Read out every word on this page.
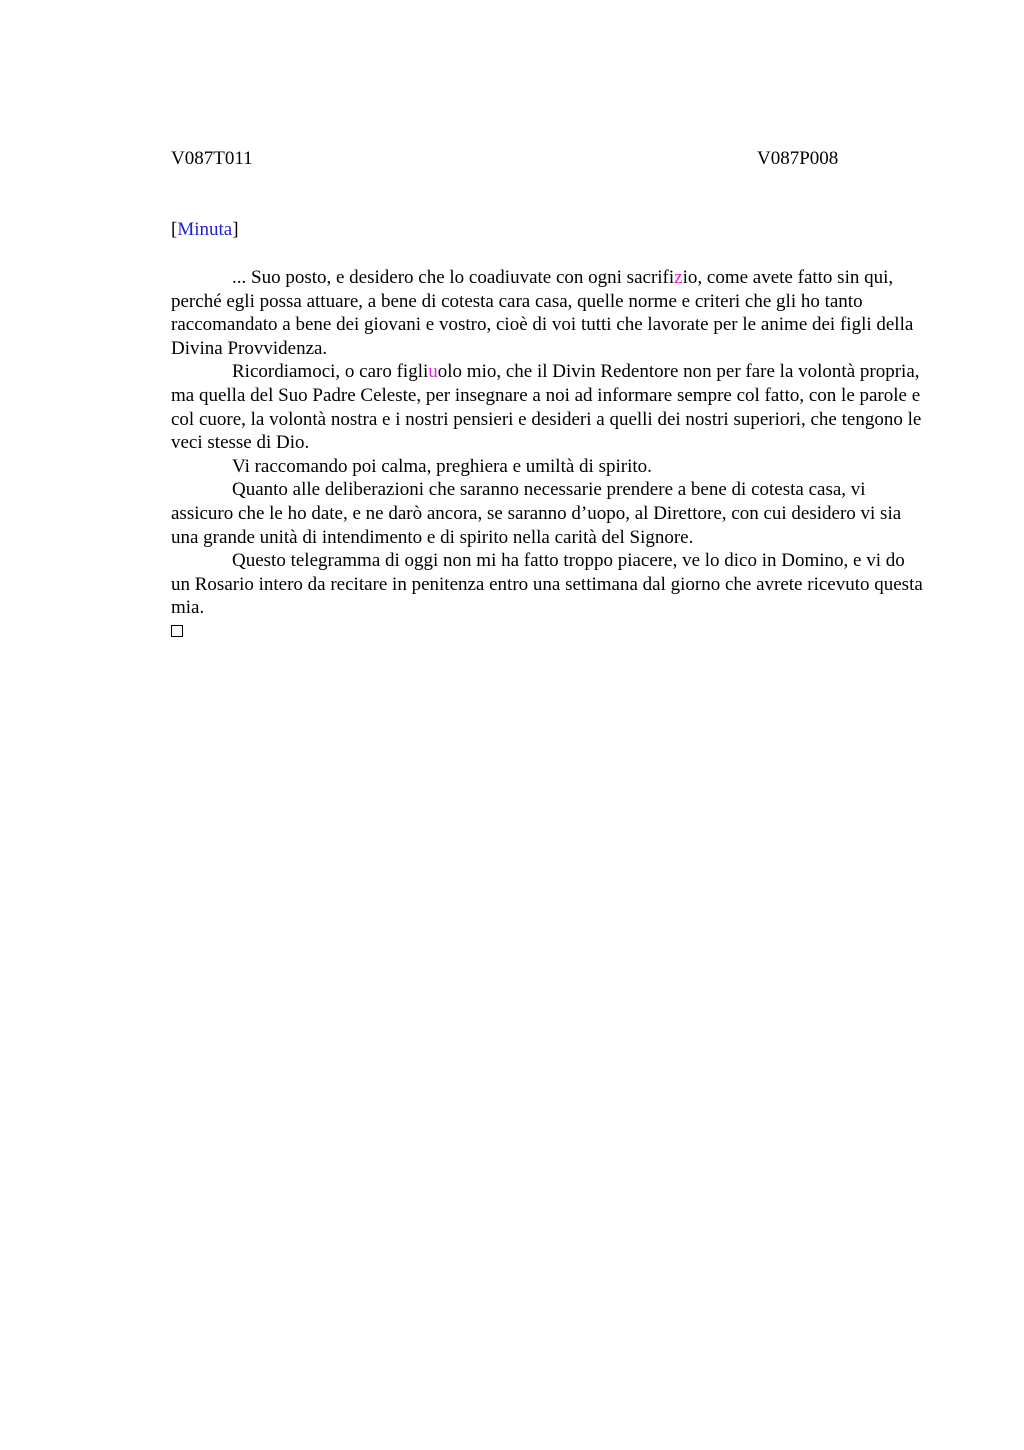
V087T011	V087P008
[Minuta]

... Suo posto, e desidero che lo coadiuvate con ogni sacrifizio, come avete fatto sin qui, perché egli possa attuare, a bene di cotesta cara casa, quelle norme e criteri che gli ho tanto raccomandato a bene dei giovani e vostro, cioè di voi tutti che lavorate per le anime dei figli della Divina Provvidenza.

Ricordiamoci, o caro figliuolo mio, che il Divin Redentore non per fare la volontà propria, ma quella del Suo Padre Celeste, per insegnare a noi ad informare sempre col fatto, con le parole e col cuore, la volontà nostra e i nostri pensieri e desideri a quelli dei nostri superiori, che tengono le veci stesse di Dio.

Vi raccomando poi calma, preghiera e umiltà di spirito.

Quanto alle deliberazioni che saranno necessarie prendere a bene di cotesta casa, vi assicuro che le ho date, e ne darò ancora, se saranno d’uopo, al Direttore, con cui desidero vi sia una grande unità di intendimento e di spirito nella carità del Signore.

Questo telegramma di oggi non mi ha fatto troppo piacere, ve lo dico in Domino, e vi do un Rosario intero da recitare in penitenza entro una settimana dal giorno che avrete ricevuto questa mia.
